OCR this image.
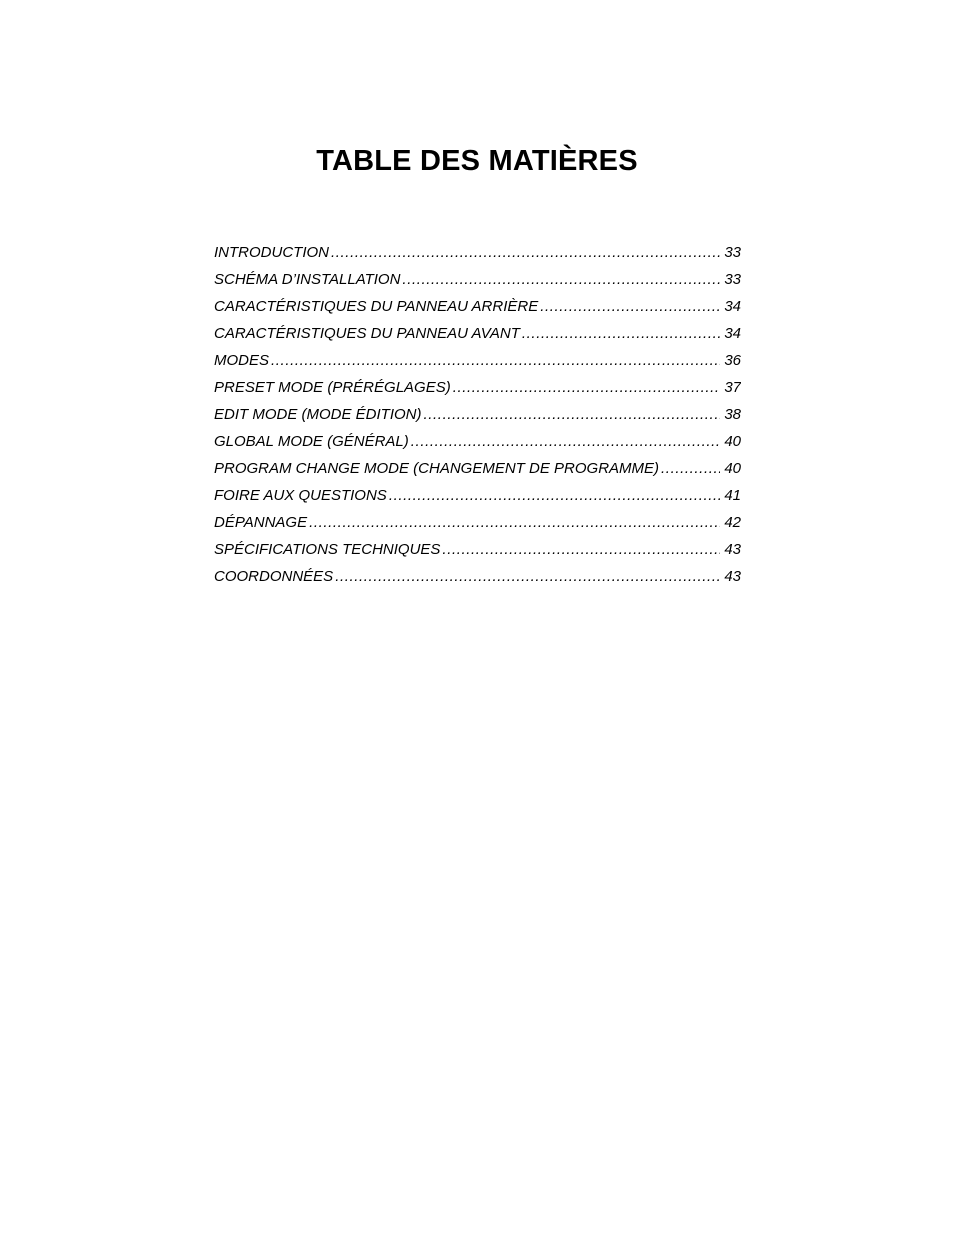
TABLE DES MATIÈRES
INTRODUCTION .....	33
SCHÉMA D’INSTALLATION .....	33
CARACTÉRISTIQUES DU PANNEAU ARRIÈRE .....	34
CARACTÉRISTIQUES DU PANNEAU AVANT .....	34
MODES .....	36
PRESET MODE (PRÉRÉGLAGES) .....	37
EDIT MODE (MODE ÉDITION) .....	38
GLOBAL MODE (GÉNÉRAL) .....	40
PROGRAM CHANGE MODE (CHANGEMENT DE PROGRAMME) .....	40
FOIRE AUX QUESTIONS .....	41
DÉPANNAGE .....	42
SPÉCIFICATIONS TECHNIQUES .....	43
COORDONNÉES .....	43
